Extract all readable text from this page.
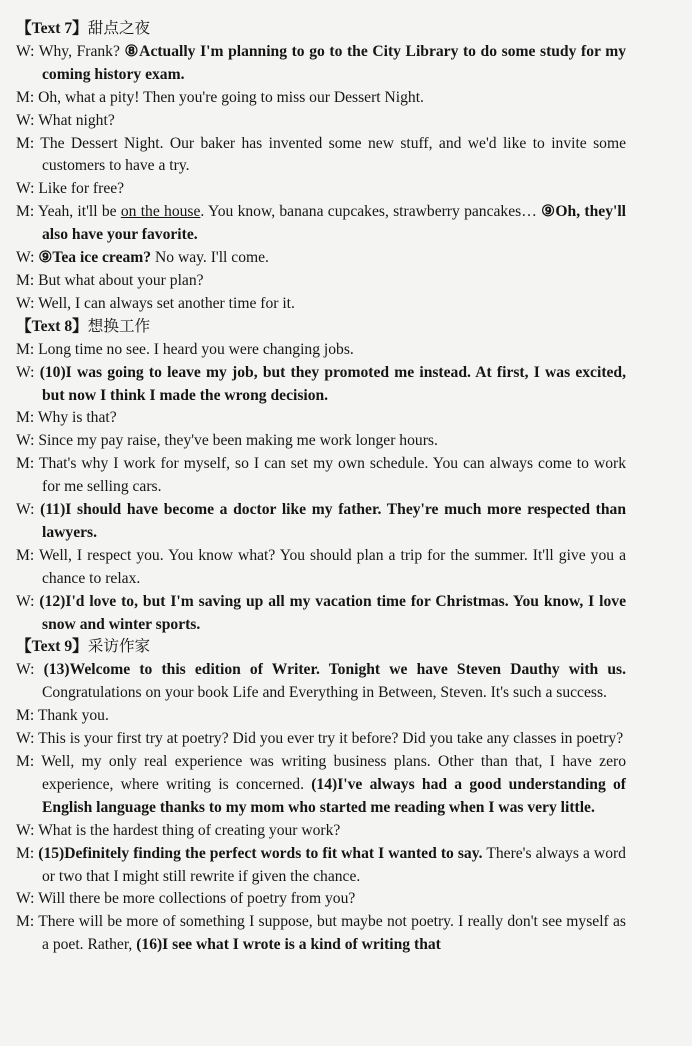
【Text 7】甜点之夜
W: Why, Frank? ⑧Actually I'm planning to go to the City Library to do some study for my coming history exam.
M: Oh, what a pity! Then you're going to miss our Dessert Night.
W: What night?
M: The Dessert Night. Our baker has invented some new stuff, and we'd like to invite some customers to have a try.
W: Like for free?
M: Yeah, it'll be on the house. You know, banana cupcakes, strawberry pancakes… ⑨Oh, they'll also have your favorite.
W: ⑨Tea ice cream? No way. I'll come.
M: But what about your plan?
W: Well, I can always set another time for it.
【Text 8】想换工作
M: Long time no see. I heard you were changing jobs.
W: (10)I was going to leave my job, but they promoted me instead. At first, I was excited, but now I think I made the wrong decision.
M: Why is that?
W: Since my pay raise, they've been making me work longer hours.
M: That's why I work for myself, so I can set my own schedule. You can always come to work for me selling cars.
W: (11)I should have become a doctor like my father. They're much more respected than lawyers.
M: Well, I respect you. You know what? You should plan a trip for the summer. It'll give you a chance to relax.
W: (12)I'd love to, but I'm saving up all my vacation time for Christmas. You know, I love snow and winter sports.
【Text 9】采访作家
W: (13)Welcome to this edition of Writer. Tonight we have Steven Dauthy with us. Congratulations on your book Life and Everything in Between, Steven. It's such a success.
M: Thank you.
W: This is your first try at poetry? Did you ever try it before? Did you take any classes in poetry?
M: Well, my only real experience was writing business plans. Other than that, I have zero experience, where writing is concerned. (14)I've always had a good understanding of English language thanks to my mom who started me reading when I was very little.
W: What is the hardest thing of creating your work?
M: (15)Definitely finding the perfect words to fit what I wanted to say. There's always a word or two that I might still rewrite if given the chance.
W: Will there be more collections of poetry from you?
M: There will be more of something I suppose, but maybe not poetry. I really don't see myself as a poet. Rather, (16)I see what I wrote is a kind of writing that
